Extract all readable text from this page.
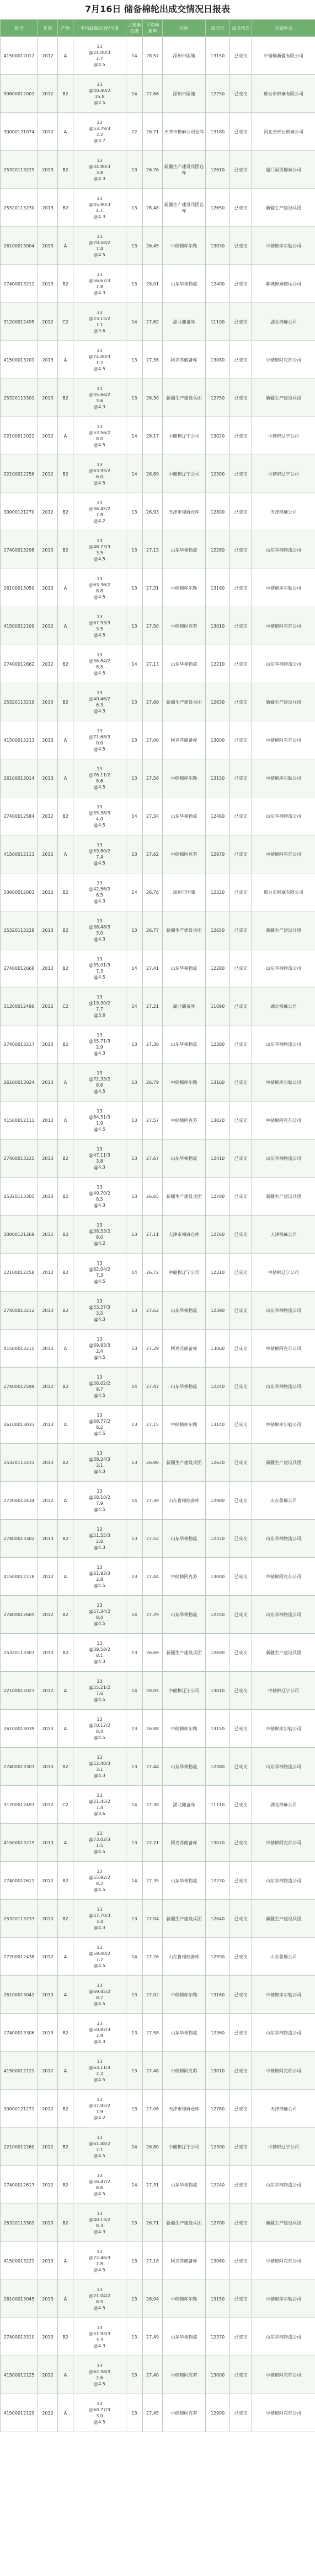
7月16日 储备棉轮出成交情况日报表
批号	年度	产地	平均品级/长度/马值	主要颜色级	平均回潮率	仓库	成交价	成交状态	交储库点
41500012012	2012	A	13
@24.00/3
1.7
@4.5	14	28.57	深州市国储	13150	已成交	中储棉新疆有限公司
50600012001	2012	B2	13
@40.40/2
15.8
@2.5	14	27.66	深州市国储	12250	已成交	邢台市棉麻有限公司
30000121074	2012	A	13
@53.79/3
3.2
@3.7	22	26.71	天津市棉麻公司仓库	13180	已成交	河北省邢台棉麻公司
25320113229	2013	B2	13
@34.90/3
3.8
@4.3	13	26.76	新疆生产建设兵团仓库	12610	已成交	厦门国贸棉麻公司
25320113230	2013	B2	13
@45.90/3
4.1
@4.3	13	28.48	新疆生产建设兵团仓库	12650	已成交	新疆生产建设兵团
26100013004	2013	A	13
@70.58/2
7.4
@4.5	13	26.45	中储棉库尔勒	13030	已成交	中储棉库尔勒公司
27400013211	2013	B2	13
@56.67/3
7.8
@4.3	13	28.01	山东华棉物流	12400	已成交	聊城棉麻储运公司
31200012495	2012	C2	13
@23.15/2
7.1
@3.6	14	27.62	湖北储备库	11100	已成交	湖北棉麻公司
41500013201	2013	A	13
@74.80/3
1.2
@4.5	13	27.36	阿克苏储备库	13080	已成交	中储棉阿克苏公司
25320113301	2013	B2	13
@35.66/2
3.6
@4.3	13	26.30	新疆生产建设兵团	12750	已成交	新疆生产建设兵团
22100012022	2012	A	13
@53.56/2
8.0
@4.5	14	28.17	中储棉辽宁公司	13020	已成交	中储棉辽宁公司
22100012256	2012	B2	13
@63.95/2
6.0
@4.5	14	26.89	中储棉辽宁公司	12300	已成交	中储棉辽宁公司
30000121270	2012	B2	13
@36.45/2
7.8
@4.2	13	26.93	天津市棉麻仓库	12800	已成交	天津棉麻公司
27400013298	2013	B2	13
@48.73/3
3.5
@4.5	13	27.13	山东华棉物流	12280	已成交	山东华棉物流公司
26100013050	2013	A	13
@63.36/2
8.8
@4.5	13	27.31	中储棉库尔勒	13160	已成交	中储棉库尔勒公司
41500012109	2012	A	13
@67.93/3
3.5
@4.5	13	27.50	中储棉阿克苏	13010	已成交	中储棉阿克苏公司
27400012662	2012	B2	13
@56.84/2
8.5
@4.5	14	27.13	山东华棉物流	12210	已成交	山东华棉物流公司
25320113219	2013	B2	13
@40.46/2
6.3
@4.3	13	27.69	新疆生产建设兵团	12630	已成交	新疆生产建设兵团
41500013213	2013	A	13
@71.68/3
0.0
@4.5	13	27.06	阿克苏储备库	13000	已成交	中储棉阿克苏公司
26100013014	2013	A	13
@76.11/2
8.6
@4.5	13	27.56	中储棉库尔勒	13150	已成交	中储棉库尔勒公司
27400012584	2012	B2	13
@55.38/3
4.0
@4.5	14	27.34	山东华棉物流	12460	已成交	山东华棉物流公司
41500012113	2012	A	13
@59.80/2
7.4
@4.5	13	27.62	中储棉阿克苏	12970	已成交	中储棉阿克苏公司
50600012003	2012	B2	13
@42.56/2
6.5
@4.3	14	26.76	深州市国储	12320	已成交	邢台市棉麻有限公司
25320113228	2013	B2	13
@36.48/3
3.0
@4.3	13	26.77	新疆生产建设兵团	12650	已成交	新疆生产建设兵团
27400012668	2012	B2	13
@55.01/3
7.3
@4.5	14	27.41	山东华棉物流	12280	已成交	山东华棉物流公司
31200012496	2012	C2	13
@19.30/2
7.7
@3.6	14	27.21	湖北储备库	11090	已成交	湖北棉麻公司
27400013217	2013	B2	13
@55.71/3
2.9
@4.3	13	27.38	山东华棉物流	12380	已成交	山东华棉物流公司
26100013024	2013	A	13
@72.33/2
8.6
@4.5	13	26.79	中储棉库尔勒	13160	已成交	中储棉库尔勒公司
41500012111	2012	A	13
@64.51/3
1.9
@4.5	13	27.57	中储棉阿克苏	13020	已成交	中储棉阿克苏公司
27400013225	2013	B2	13
@47.11/3
3.8
@4.3	13	27.67	山东华棉物流	12410	已成交	山东华棉物流公司
25320113305	2013	B2	13
@40.70/2
8.5
@4.3	13	26.65	新疆生产建设兵团	12700	已成交	新疆生产建设兵团
30000121269	2012	B2	13
@38.53/2
8.0
@4.2	13	27.11	天津市棉麻仓库	12760	已成交	天津棉麻公司
22100012258	2012	B2	13
@62.04/2
7.3
@4.5	14	26.72	中储棉辽宁公司	12310	已成交	中储棉辽宁公司
27400013212	2013	B2	13
@53.27/3
3.5
@4.3	13	27.62	山东华棉物流	12390	已成交	山东华棉物流公司
41500013215	2013	A	13
@69.83/3
2.4
@4.5	13	27.29	阿克苏储备库	13060	已成交	中储棉阿克苏公司
27400012599	2012	B2	13
@56.02/2
8.7
@4.5	14	27.47	山东华棉物流	12240	已成交	山东华棉物流公司
26100013033	2013	A	13
@68.77/2
8.2
@4.5	13	27.15	中储棉库尔勒	13140	已成交	中储棉库尔勒公司
25320113231	2013	B2	13
@38.24/3
3.1
@4.3	13	26.98	新疆生产建设兵团	12620	已成交	新疆生产建设兵团
27200012434	2012	A	13
@58.10/2
7.9
@4.5	14	27.39	山东鲁棉储备库	12980	已成交	山东鲁棉公司
27400013302	2013	B2	13
@51.55/3
2.6
@4.3	13	27.52	山东华棉物流	12370	已成交	山东华棉物流公司
41500012118	2012	A	13
@61.93/3
2.8
@4.5	13	27.44	中储棉阿克苏	13000	已成交	中储棉阿克苏公司
27400012605	2012	B2	13
@57.34/2
8.4
@4.5	14	27.29	山东华棉物流	12250	已成交	山东华棉物流公司
25320113307	2013	B2	13
@39.58/2
8.1
@4.3	13	26.69	新疆生产建设兵团	12690	已成交	新疆生产建设兵团
22100012023	2012	A	13
@55.21/2
7.6
@4.5	14	28.05	中储棉辽宁公司	13010	已成交	中储棉辽宁公司
26100013039	2013	A	13
@70.12/2
8.4
@4.5	13	26.88	中储棉库尔勒	13150	已成交	中储棉库尔勒公司
27400013303	2013	B2	13
@52.40/3
3.1
@4.3	13	27.44	山东华棉物流	12380	已成交	山东华棉物流公司
31200012497	2012	C2	13
@21.45/2
7.4
@3.6	14	27.38	湖北储备库	11110	已成交	湖北棉麻公司
41500013219	2013	A	13
@73.02/3
1.5
@4.5	13	27.21	阿克苏储备库	13070	已成交	中储棉阿克苏公司
27400012611	2012	B2	13
@55.92/2
8.2
@4.5	14	27.35	山东华棉物流	12230	已成交	山东华棉物流公司
25320113233	2013	B2	13
@37.70/3
3.4
@4.3	13	27.04	新疆生产建设兵团	12640	已成交	新疆生产建设兵团
27200012438	2012	A	13
@59.40/2
7.7
@4.5	14	27.26	山东鲁棉储备库	12990	已成交	山东鲁棉公司
26100013041	2013	A	13
@69.45/2
8.7
@4.5	13	27.02	中储棉库尔勒	13160	已成交	中储棉库尔勒公司
27400013306	2013	B2	13
@50.82/3
2.9
@4.3	13	27.58	山东华棉物流	12360	已成交	山东华棉物流公司
41500012121	2012	A	13
@63.11/3
2.2
@4.5	13	27.48	中储棉阿克苏	13010	已成交	中储棉阿克苏公司
30000121271	2012	B2	13
@37.85/2
7.9
@4.2	13	27.06	天津市棉麻仓库	12780	已成交	天津棉麻公司
22100012260	2012	B2	13
@61.48/2
7.1
@4.5	14	26.80	中储棉辽宁公司	12300	已成交	中储棉辽宁公司
27400012617	2012	B2	13
@56.47/2
8.6
@4.5	14	27.31	山东华棉物流	12240	已成交	山东华棉物流公司
25320113309	2013	B2	13
@40.13/2
8.3
@4.3	13	26.71	新疆生产建设兵团	12700	已成交	新疆生产建设兵团
41500013221	2013	A	13
@72.46/3
1.8
@4.5	13	27.18	阿克苏储备库	13060	已成交	中储棉阿克苏公司
26100013045	2013	A	13
@71.04/2
8.5
@4.5	13	26.94	中储棉库尔勒	13150	已成交	中储棉库尔勒公司
27400013310	2013	B2	13
@51.93/3
3.3
@4.3	13	27.49	山东华棉物流	12370	已成交	山东华棉物流公司
41500012125	2012	A	13
@62.58/3
2.6
@4.5	13	27.40	中储棉阿克苏	13000	已成交	中储棉阿克苏公司
41500012129	2012	A	13
@60.77/3
3.0
@4.5	13	27.45	中储棉阿克苏	12990	已成交	中储棉阿克苏公司
